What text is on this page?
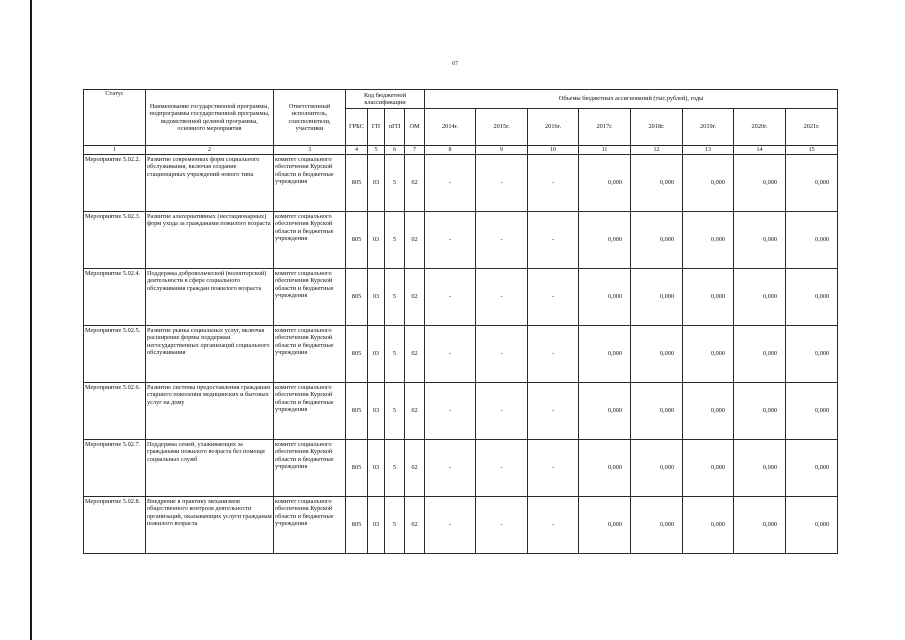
67
Статус	Наименование государственной программы, подпрограммы государственной программы, ведомственной целевой программы, основного мероприятия	Ответственный исполнитель, соисполнители, участники	Код бюджетной классификации				Объемы бюджетных ассигнований (тыс.рублей), годы							
			ГРБС	ГП	пГП	ОМ	2014г.	2015г.	2016г.	2017г.	2018г.	2019г.	2020г.	2021г.
1	2	3	4	5	6	7	8	9	10	11	12	13	14	15
Мероприятие 5.02.2.	Развитие современных форм социального обслуживания, включая создание стационарных учреждений нового типа	комитет социального обеспечения Курской области и бюджетные учреждения	805	03	5	02	-	-	-	0,000	0,000	0,000	0,000	0,000
Мероприятие 5.02.3.	Развитие альтернативных (нестационарных) форм ухода за гражданами пожилого возраста	комитет социального обеспечения Курской области и бюджетные учреждения	805	03	5	02	-	-	-	0,000	0,000	0,000	0,000	0,000
Мероприятие 5.02.4.	Поддержка добровольческой (волонтерской) деятельности в сфере социального обслуживания граждан пожилого возраста	комитет социального обеспечения Курской области и бюджетные учреждения	805	03	5	02	-	-	-	0,000	0,000	0,000	0,000	0,000
Мероприятие 5.02.5.	Развитие рынка социальных услуг, включая расширение формы поддержки негосударственных организаций социального обслуживания	комитет социального обеспечения Курской области и бюджетные учреждения	805	03	5	02	-	-	-	0,000	0,000	0,000	0,000	0,000
Мероприятие 5.02.6.	Развитие системы предоставления гражданам старшего поколения медицинских и бытовых услуг на дому	комитет социального обеспечения Курской области и бюджетные учреждения	805	03	5	02	-	-	-	0,000	0,000	0,000	0,000	0,000
Мероприятие 5.02.7.	Поддержка семей, ухаживающих за гражданами пожилого возраста без помощи социальных служб	комитет социального обеспечения Курской области и бюджетные учреждения	805	03	5	02	-	-	-	0,000	0,000	0,000	0,000	0,000
Мероприятие 5.02.8.	Внедрение в практику механизмов общественного контроля деятельности организаций, оказывающих услуги гражданам пожилого возраста	комитет социального обеспечения Курской области и бюджетные учреждения	805	03	5	02	-	-	-	0,000	0,000	0,000	0,000	0,000
· · · ·
